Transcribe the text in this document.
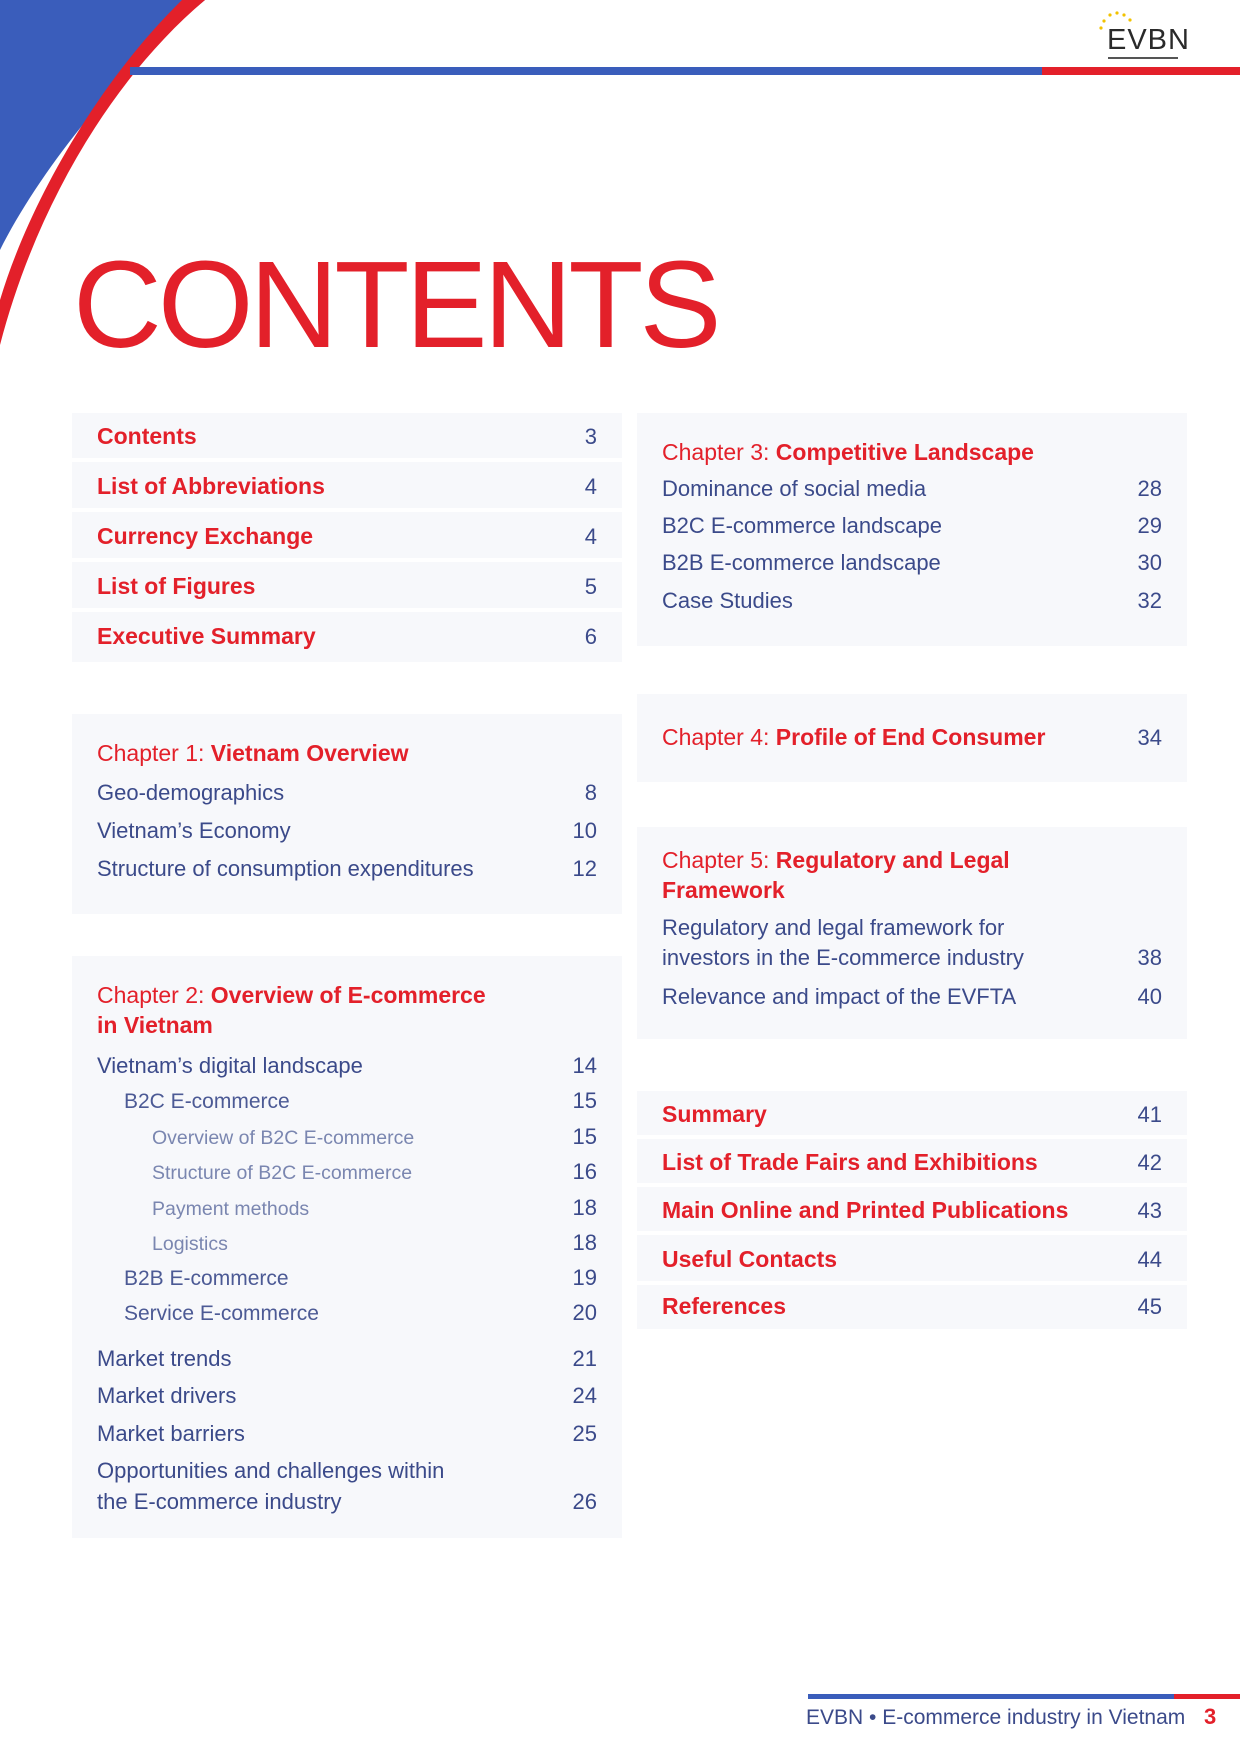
EVBN
CONTENTS
Contents	3
List of Abbreviations	4
Currency Exchange	4
List of Figures	5
Executive Summary	6
Chapter 1: Vietnam Overview
Geo-demographics	8
Vietnam’s Economy	10
Structure of consumption expenditures	12
Chapter 2: Overview of E-commerce
in Vietnam
Vietnam’s digital landscape	14
B2C E-commerce	15
Overview of B2C E-commerce	15
Structure of B2C E-commerce	16
Payment methods	18
Logistics	18
B2B E-commerce	19
Service E-commerce	20
Market trends	21
Market drivers	24
Market barriers	25
Opportunities and challenges within
the E-commerce industry	26
Chapter 3: Competitive Landscape
Dominance of social media	28
B2C E-commerce landscape	29
B2B E-commerce landscape	30
Case Studies	32
Chapter 4: Profile of End Consumer	34
Chapter 5: Regulatory and Legal
Framework
Regulatory and legal framework for
investors in the E-commerce industry	38
Relevance and impact of the EVFTA	40
Summary	41
List of Trade Fairs and Exhibitions	42
Main Online and Printed Publications	43
Useful Contacts	44
References	45
EVBN • E-commerce industry in Vietnam 3
